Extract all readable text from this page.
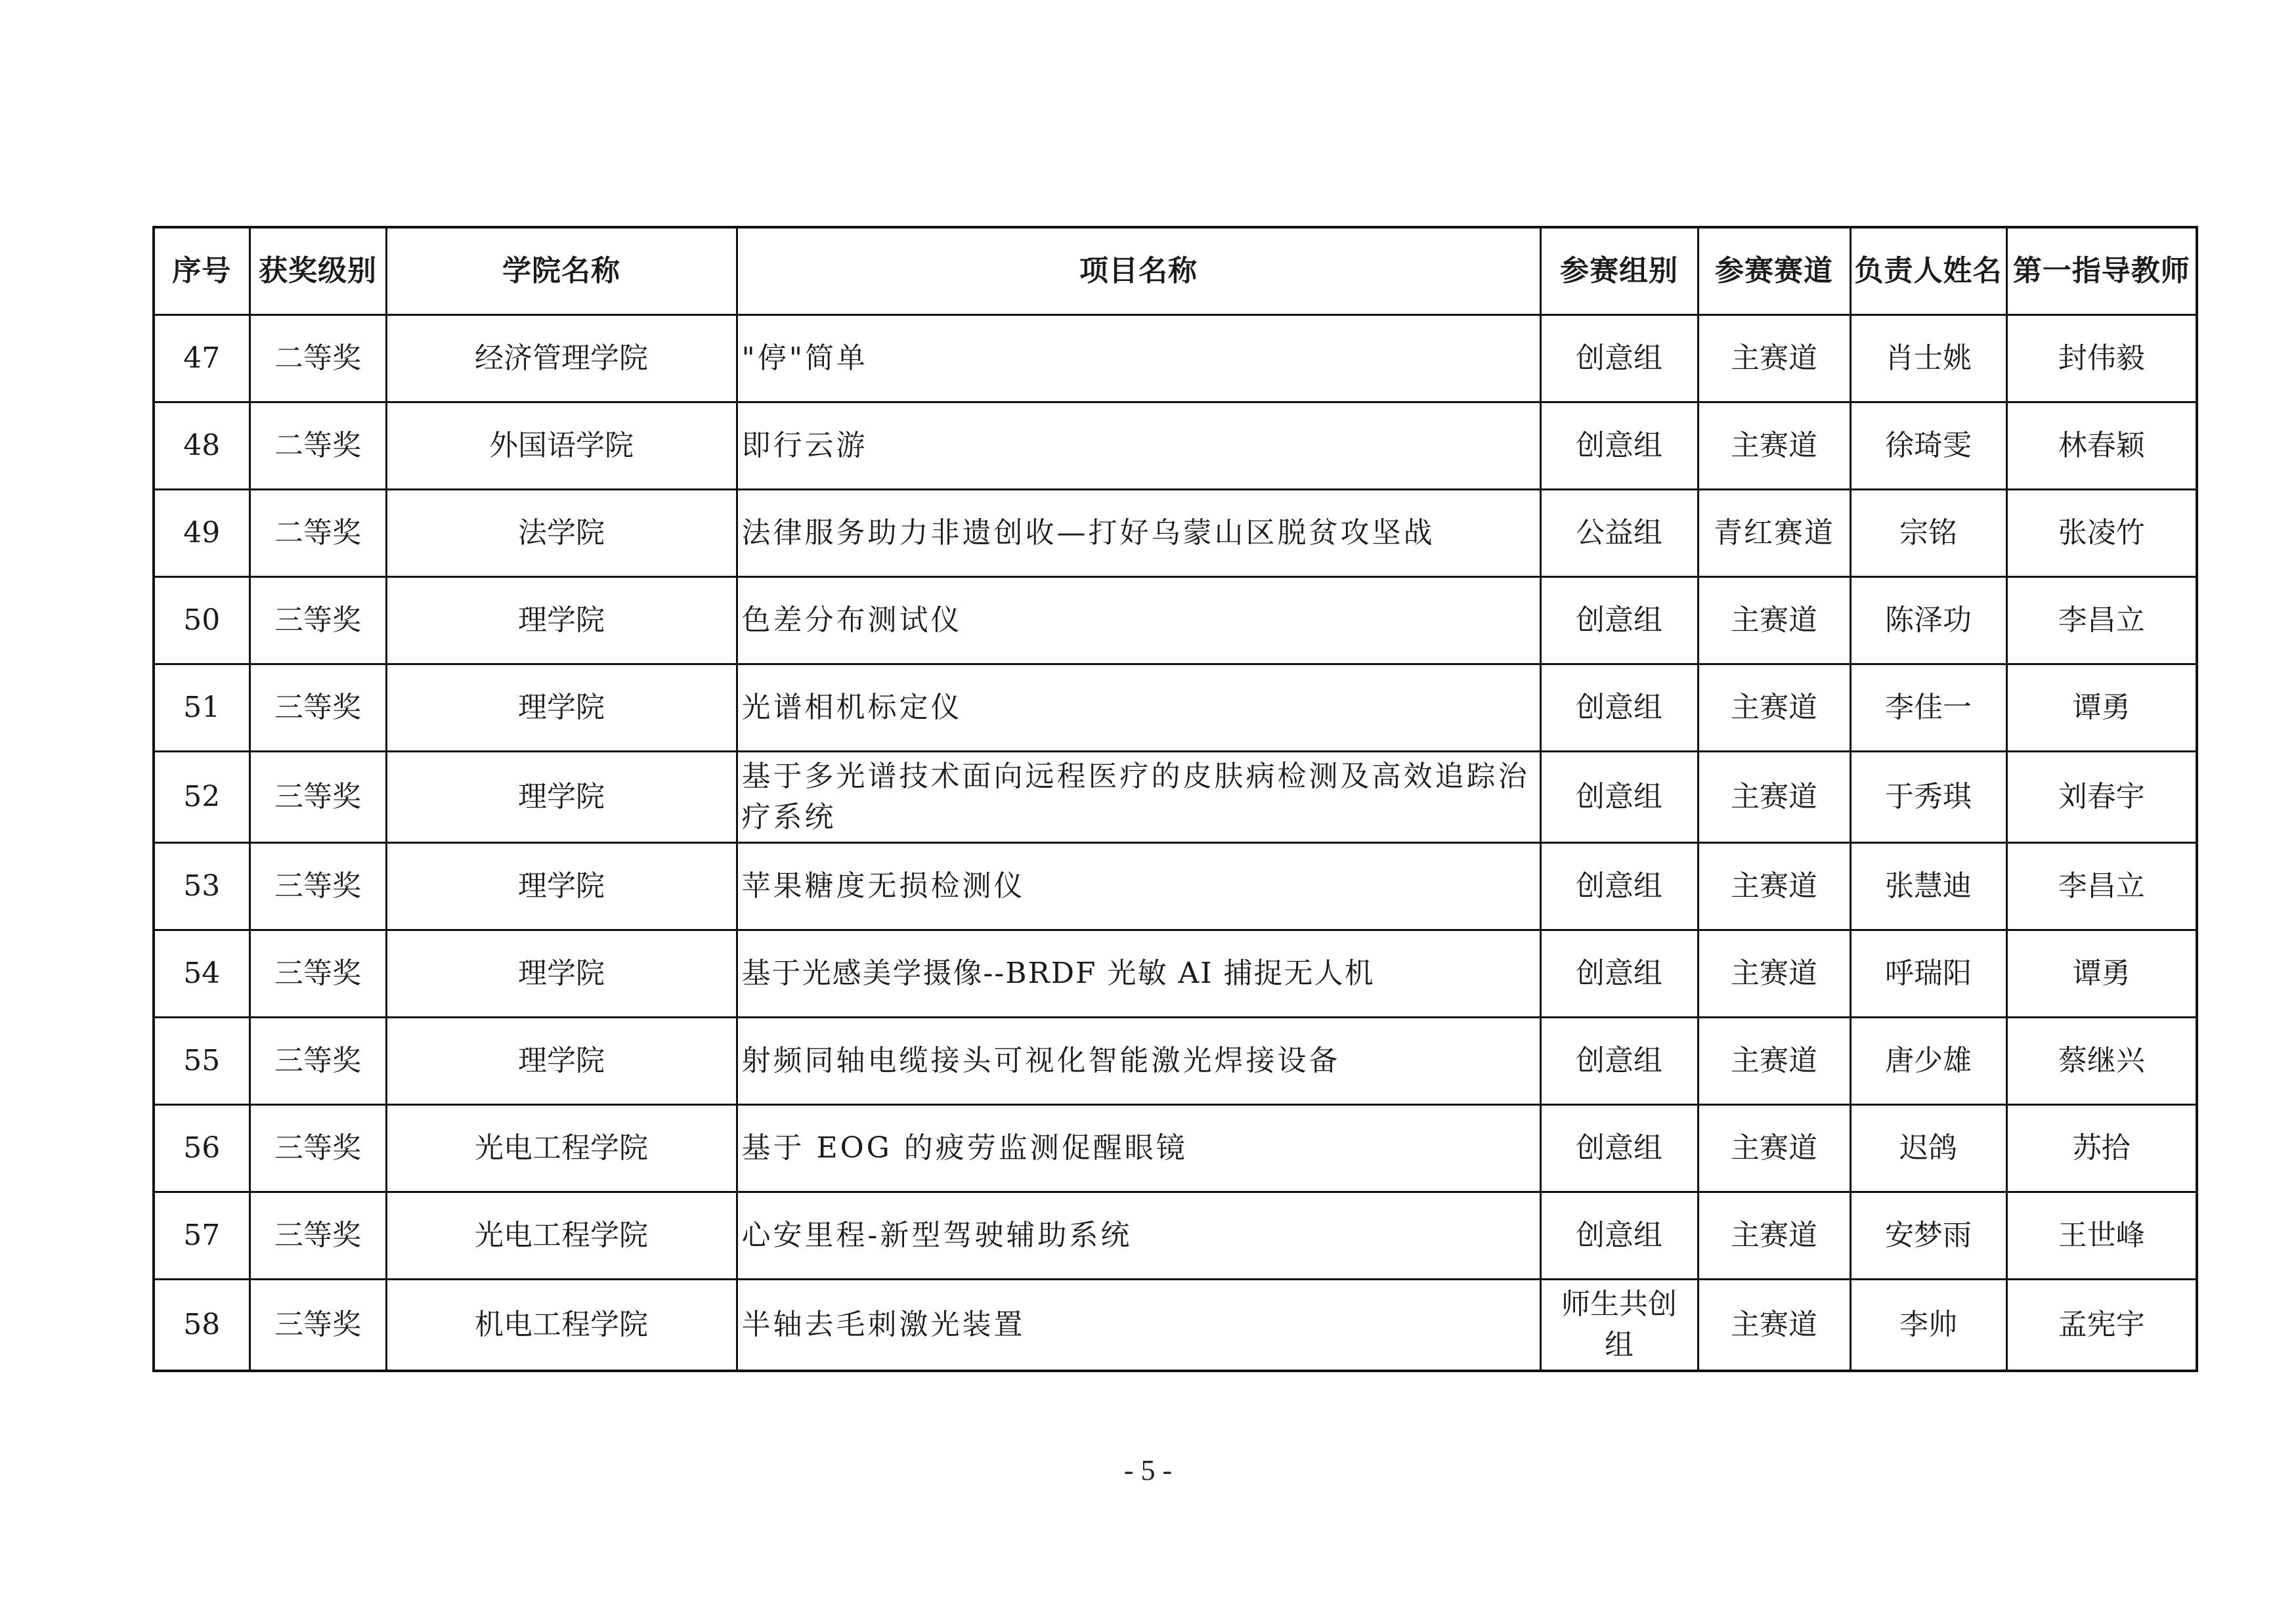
序号	获奖级别	学院名称	项目名称	参赛组别	参赛赛道	负责人姓名	第一指导教师
47	二等奖	经济管理学院	"停"简单	创意组	主赛道	肖士姚	封伟毅
48	二等奖	外国语学院	即行云游	创意组	主赛道	徐琦雯	林春颖
49	二等奖	法学院	法律服务助力非遗创收—打好乌蒙山区脱贫攻坚战	公益组	青红赛道	宗铭	张凌竹
50	三等奖	理学院	色差分布测试仪	创意组	主赛道	陈泽功	李昌立
51	三等奖	理学院	光谱相机标定仪	创意组	主赛道	李佳一	谭勇
52	三等奖	理学院	基于多光谱技术面向远程医疗的皮肤病检测及高效追踪治疗系统	创意组	主赛道	于秀琪	刘春宇
53	三等奖	理学院	苹果糖度无损检测仪	创意组	主赛道	张慧迪	李昌立
54	三等奖	理学院	基于光感美学摄像--BRDF 光敏 AI 捕捉无人机	创意组	主赛道	呼瑞阳	谭勇
55	三等奖	理学院	射频同轴电缆接头可视化智能激光焊接设备	创意组	主赛道	唐少雄	蔡继兴
56	三等奖	光电工程学院	基于 EOG 的疲劳监测促醒眼镜	创意组	主赛道	迟鸽	苏拾
57	三等奖	光电工程学院	心安里程-新型驾驶辅助系统	创意组	主赛道	安梦雨	王世峰
58	三等奖	机电工程学院	半轴去毛刺激光装置	师生共创组	主赛道	李帅	孟宪宇
- 5 -
